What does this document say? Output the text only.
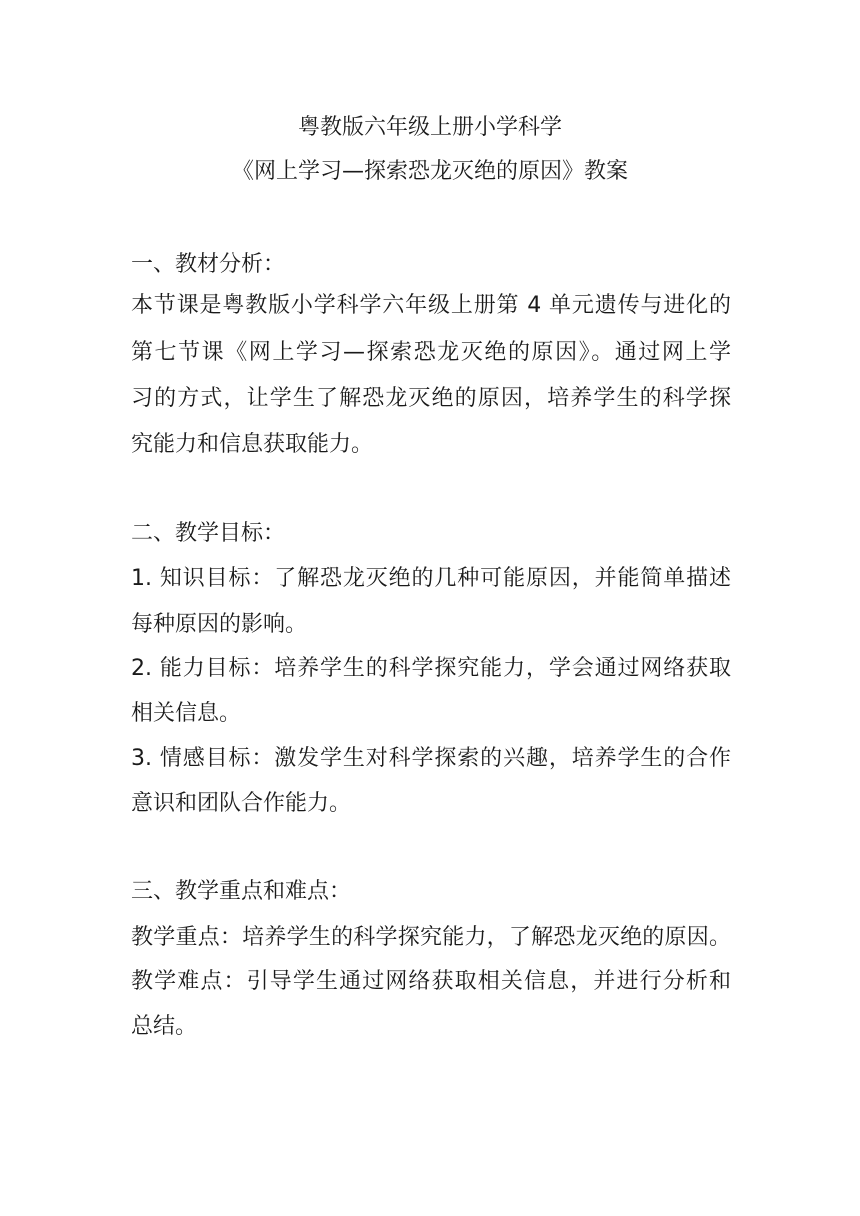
粤教版六年级上册小学科学
《网上学习—探索恐龙灭绝的原因》教案
一、教材分析：
本节课是粤教版小学科学六年级上册第 4 单元遗传与进化的
第七节课《网上学习—探索恐龙灭绝的原因》。通过网上学
习的方式，让学生了解恐龙灭绝的原因，培养学生的科学探
究能力和信息获取能力。
二、教学目标：
1. 知识目标：了解恐龙灭绝的几种可能原因，并能简单描述
每种原因的影响。
2. 能力目标：培养学生的科学探究能力，学会通过网络获取
相关信息。
3. 情感目标：激发学生对科学探索的兴趣，培养学生的合作
意识和团队合作能力。
三、教学重点和难点：
教学重点：培养学生的科学探究能力，了解恐龙灭绝的原因。
教学难点：引导学生通过网络获取相关信息，并进行分析和
总结。
